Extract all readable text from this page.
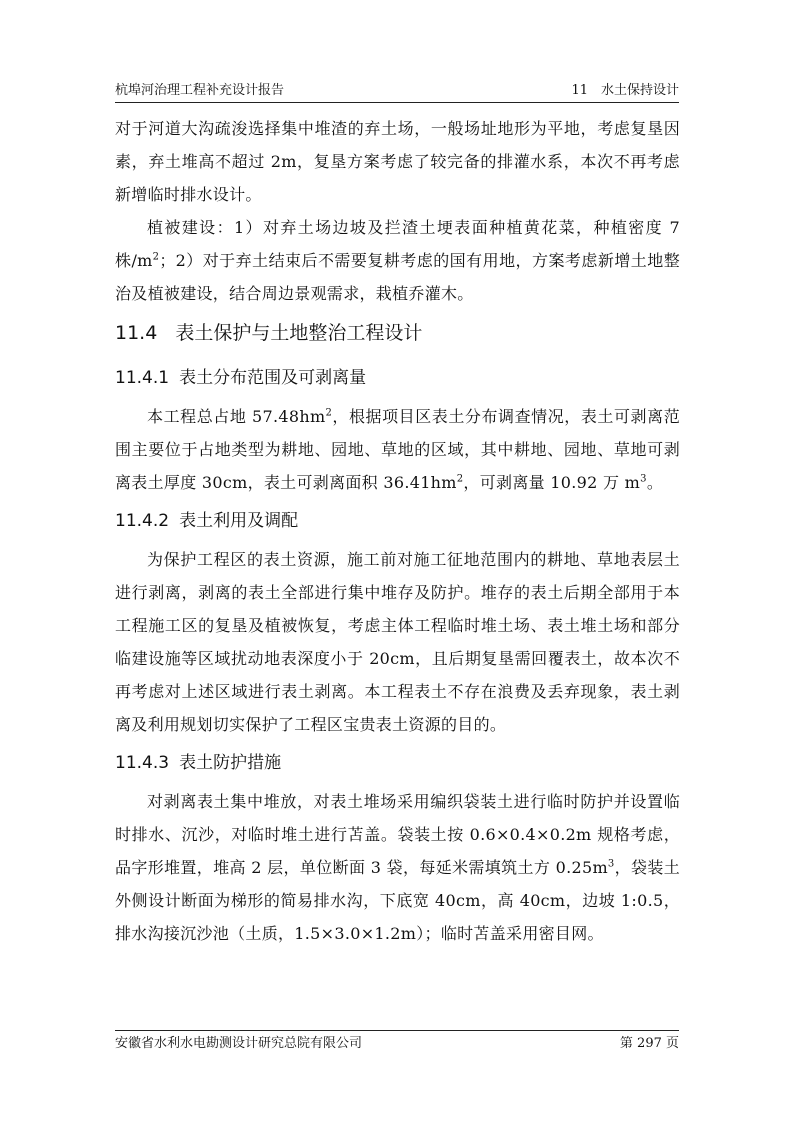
杭埠河治理工程补充设计报告	11　水土保持设计

对于河道大沟疏浚选择集中堆渣的弃土场，一般场址地形为平地，考虑复垦因素，弃土堆高不超过 2m，复垦方案考虑了较完备的排灌水系，本次不再考虑新增临时排水设计。

植被建设：1）对弃土场边坡及拦渣土埂表面种植黄花菜，种植密度 7 株$/m^2$；2）对于弃土结束后不需要复耕考虑的国有用地，方案考虑新增土地整治及植被建设，结合周边景观需求，栽植乔灌木。

11.4 表土保护与土地整治工程设计
11.4.1 表土分布范围及可剥离量

本工程总占地 $57.48hm^2$，根据项目区表土分布调查情况，表土可剥离范围主要位于占地类型为耕地、园地、草地的区域，其中耕地、园地、草地可剥离表土厚度 30cm，表土可剥离面积 $36.41hm^2$，可剥离量 10.92 万 $m^3$。

11.4.2 表土利用及调配

为保护工程区的表土资源，施工前对施工征地范围内的耕地、草地表层土进行剥离，剥离的表土全部进行集中堆存及防护。堆存的表土后期全部用于本工程施工区的复垦及植被恢复，考虑主体工程临时堆土场、表土堆土场和部分临建设施等区域扰动地表深度小于 20cm，且后期复垦需回覆表土，故本次不再考虑对上述区域进行表土剥离。本工程表土不存在浪费及丢弃现象，表土剥离及利用规划切实保护了工程区宝贵表土资源的目的。

11.4.3 表土防护措施

对剥离表土集中堆放，对表土堆场采用编织袋装土进行临时防护并设置临时排水、沉沙，对临时堆土进行苫盖。袋装土按 0.6×0.4×0.2m 规格考虑，品字形堆置，堆高 2 层，单位断面 3 袋，每延米需填筑土方 $0.25m^3$，袋装土外侧设计断面为梯形的简易排水沟，下底宽 40cm，高 40cm，边坡 1:0.5，排水沟接沉沙池（土质，1.5×3.0×1.2m）；临时苫盖采用密目网。

安徽省水利水电勘测设计研究总院有限公司	第 297 页
